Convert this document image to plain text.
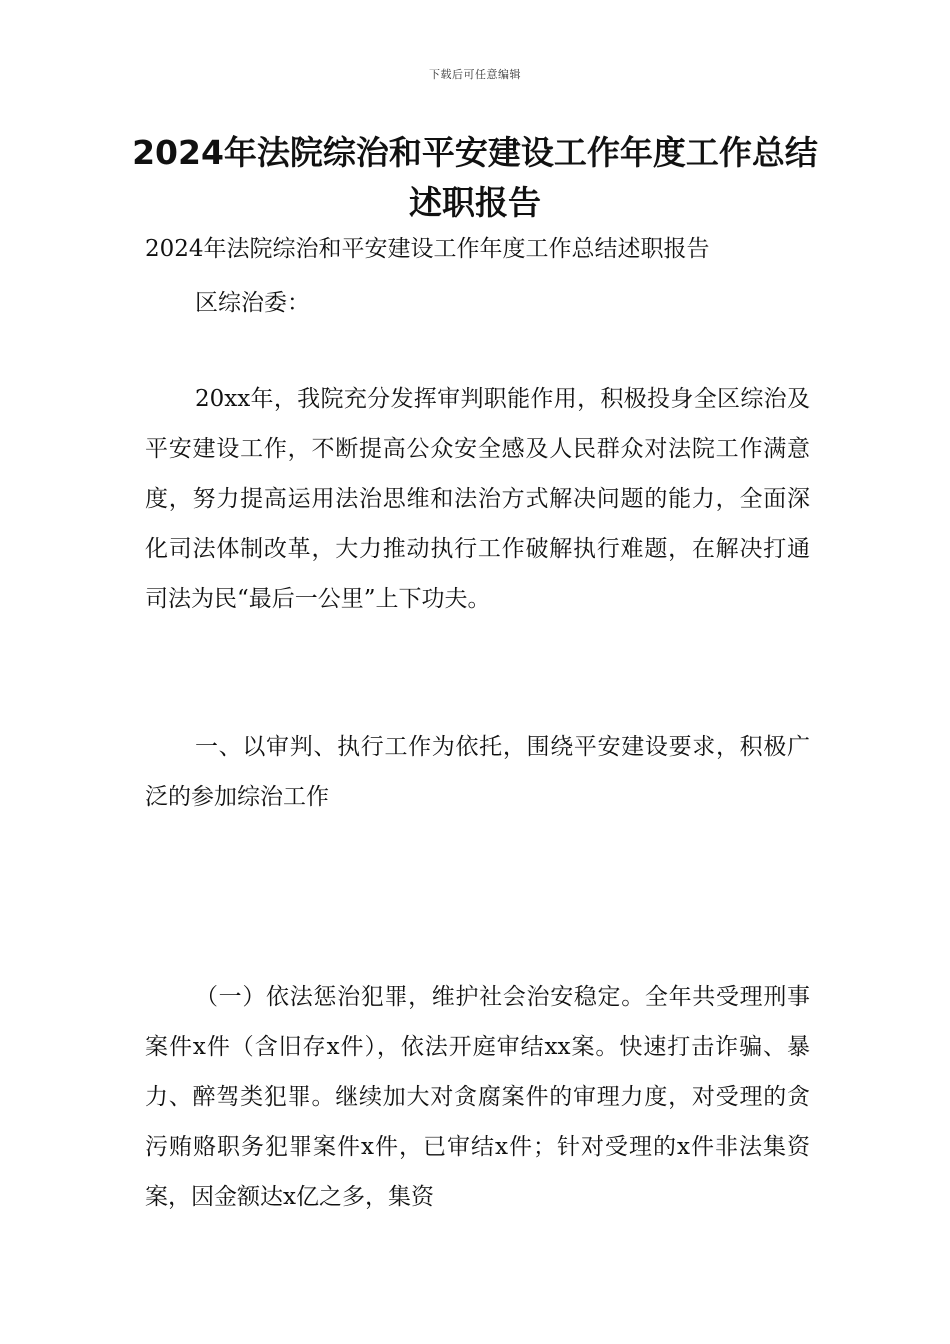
下载后可任意编辑
2024年法院综治和平安建设工作年度工作总结述职报告

2024年法院综治和平安建设工作年度工作总结述职报告

区综治委：

20xx年，我院充分发挥审判职能作用，积极投身全区综治及平安建设工作，不断提高公众安全感及人民群众对法院工作满意度，努力提高运用法治思维和法治方式解决问题的能力，全面深化司法体制改革，大力推动执行工作破解执行难题，在解决打通司法为民“最后一公里”上下功夫。

一、以审判、执行工作为依托，围绕平安建设要求，积极广泛的参加综治工作

（一）依法惩治犯罪，维护社会治安稳定。全年共受理刑事案件x件（含旧存x件），依法开庭审结xx案。快速打击诈骗、暴力、醉驾类犯罪。继续加大对贪腐案件的审理力度，对受理的贪污贿赂职务犯罪案件x件，已审结x件；针对受理的x件非法集资案，因金额达x亿之多，集资
